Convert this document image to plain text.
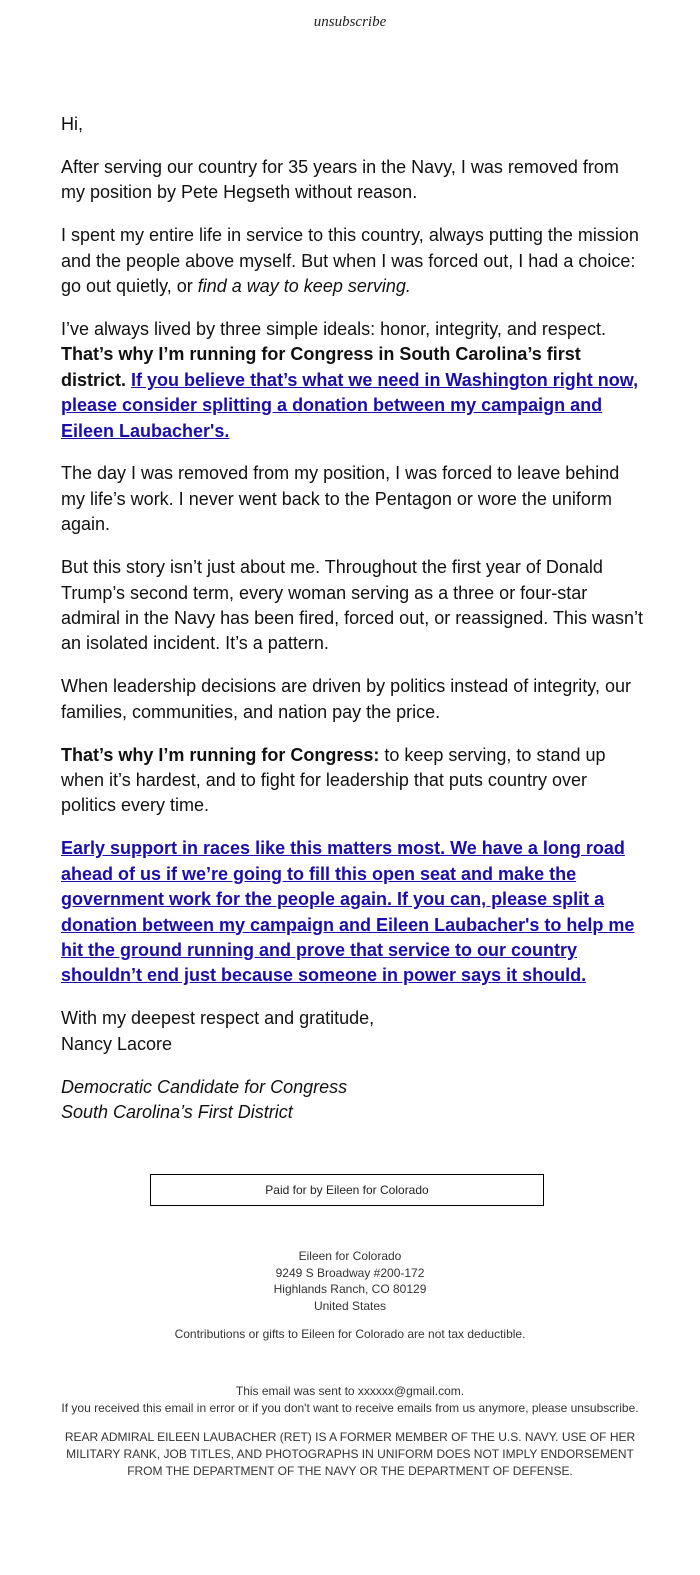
unsubscribe

Hi,

After serving our country for 35 years in the Navy, I was removed from my position by Pete Hegseth without reason.

I spent my entire life in service to this country, always putting the mission and the people above myself. But when I was forced out, I had a choice: go out quietly, or find a way to keep serving.

I’ve always lived by three simple ideals: honor, integrity, and respect. That’s why I’m running for Congress in South Carolina’s first district. If you believe that’s what we need in Washington right now, please consider splitting a donation between my campaign and Eileen Laubacher's.

The day I was removed from my position, I was forced to leave behind my life’s work. I never went back to the Pentagon or wore the uniform again.

But this story isn’t just about me. Throughout the first year of Donald Trump’s second term, every woman serving as a three or four-star admiral in the Navy has been fired, forced out, or reassigned. This wasn’t an isolated incident. It’s a pattern.

When leadership decisions are driven by politics instead of integrity, our families, communities, and nation pay the price.

That’s why I’m running for Congress: to keep serving, to stand up when it’s hardest, and to fight for leadership that puts country over politics every time.

Early support in races like this matters most. We have a long road ahead of us if we’re going to fill this open seat and make the government work for the people again. If you can, please split a donation between my campaign and Eileen Laubacher's to help me hit the ground running and prove that service to our country shouldn’t end just because someone in power says it should.

With my deepest respect and gratitude,
Nancy Lacore

Democratic Candidate for Congress
South Carolina’s First District

Paid for by Eileen for Colorado
Eileen for Colorado
9249 S Broadway #200-172
Highlands Ranch, CO 80129
United States
Contributions or gifts to Eileen for Colorado are not tax deductible.
This email was sent to xxxxxx@gmail.com.
If you received this email in error or if you don't want to receive emails from us anymore, please unsubscribe.
REAR ADMIRAL EILEEN LAUBACHER (RET) IS A FORMER MEMBER OF THE U.S. NAVY. USE OF HER MILITARY RANK, JOB TITLES, AND PHOTOGRAPHS IN UNIFORM DOES NOT IMPLY ENDORSEMENT FROM THE DEPARTMENT OF THE NAVY OR THE DEPARTMENT OF DEFENSE.
